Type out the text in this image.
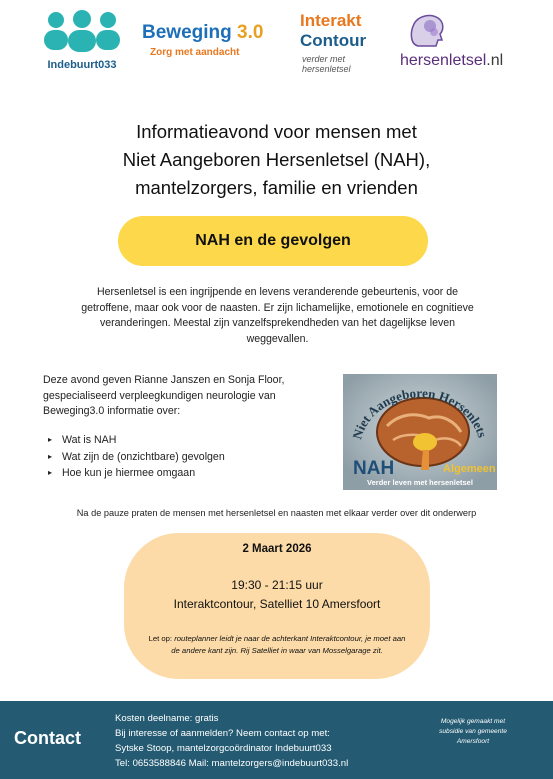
Indebuurt033
Beweging 3.0
Zorg met aandacht
Interakt
Contour
verder met hersenletsel	hersenletsel.nl
Informatieavond voor mensen met
Niet Aangeboren Hersenletsel (NAH),
mantelzorgers, familie en vrienden
NAH en de gevolgen
Hersenletsel is een ingrijpende en levens veranderende gebeurtenis, voor de getroffene, maar ook voor de naasten. Er zijn lichamelijke, emotionele en cognitieve veranderingen. Meestal zijn vanzelfsprekendheden van het dagelijkse leven weggevallen.
Deze avond geven Rianne Janszen en Sonja Floor, gespecialiseerd verpleegkundigen neurologie van Beweging3.0 informatie over:
▸ Wat is NAH
▸ Wat zijn de (onzichtbare) gevolgen
▸ Hoe kun je hiermee omgaan
Niet Aangeboren Hersenlets
NAH	Algemeen
Verder leven met hersenletsel
Na de pauze praten de mensen met hersenletsel en naasten met elkaar verder over dit onderwerp
2 Maart 2026
19:30 - 21:15 uur
Interaktcontour, Satelliet 10 Amersfoort
Let op: routeplanner leidt je naar de achterkant Interaktcontour, je moet aan de andere kant zijn. Rij Satelliet in waar van Mosselgarage zit.
Contact
Kosten deelname: gratis
Bij interesse of aanmelden? Neem contact op met:
Sytske Stoop, mantelzorgcoördinator Indebuurt033
Tel: 0653588846 Mail: mantelzorgers@indebuurt033.nl
Mogelijk gemaakt met subsidie van gemeente Amersfoort
